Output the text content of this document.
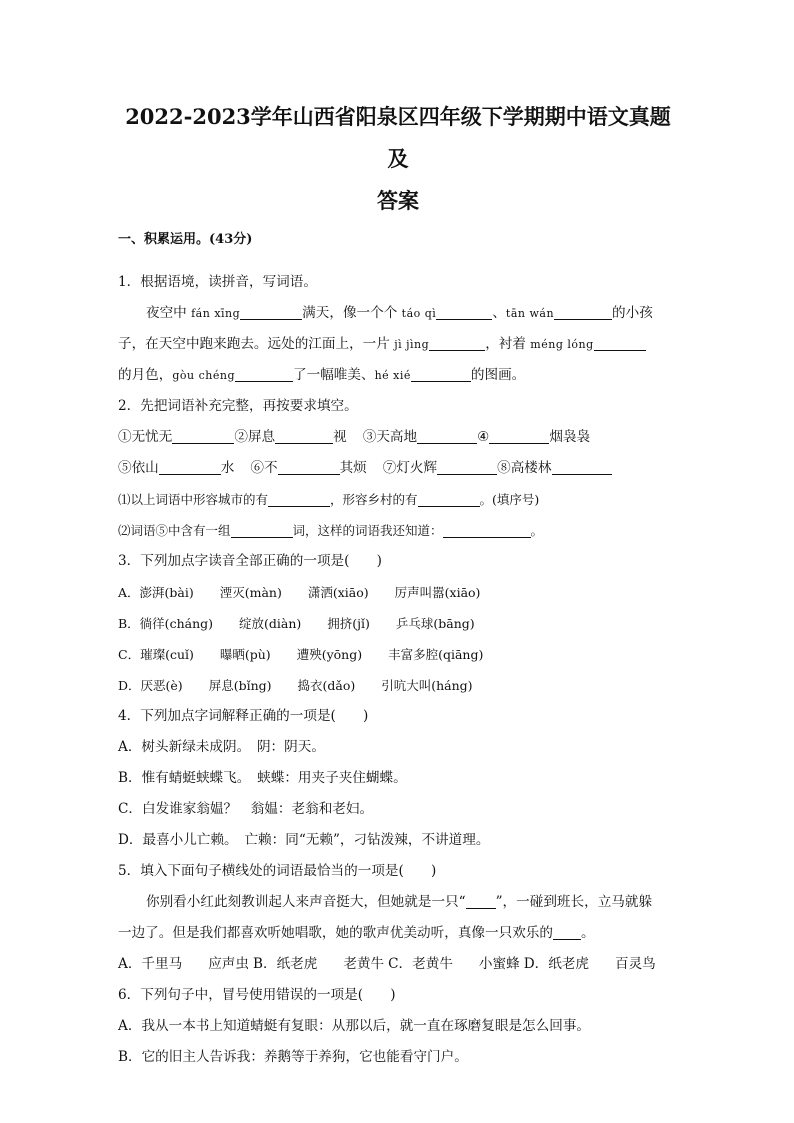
2022-2023学年山西省阳泉区四年级下学期期中语文真题及
答案

一、积累运用。(43分)

1．根据语境，读拼音，写词语。

夜空中 fán xīng	满天，像一个个 táo qì	、tān wán	的小孩

子，在天空中跑来跑去。远处的江面上，一片 jì jìng	，衬着 méng lóng

的月色，gòu chéng	了一幅唯美、hé xié	的图画。

2．先把词语补充完整，再按要求填空。

①无忧无	②屏息	视 ③天高地	④	烟袅袅

⑤依山	水 ⑥不	其烦 ⑦灯火辉	⑧高楼林

⑴以上词语中形容城市的有	，形容乡村的有	。(填序号)

⑵词语⑤中含有一组	词，这样的词语我还知道：	。

3．下列加点字读音全部正确的一项是(　　)

A．澎湃(bài) 湮灭(màn) 潇洒(xiāo) 厉声叫嚣(xiāo)

B．徜徉(cháng) 绽放(diàn) 拥挤(jǐ) 乒乓球(bāng)

C．璀璨(cuǐ) 曝晒(pù) 遭殃(yōng) 丰富多腔(qiāng)

D．厌恶(è) 屏息(bǐng) 捣衣(dǎo) 引吭大叫(háng)

4．下列加点字词解释正确的一项是(　　)

A．树头新绿未成阴。　阴：阴天。

B．惟有蜻蜓蛱蝶飞。　蛱蝶：用夹子夹住蝴蝶。

C．白发谁家翁媪？　翁媪：老翁和老妇。

D．最喜小儿亡赖。　亡赖：同“无赖”，刁钻泼辣，不讲道理。

5．填入下面句子横线处的词语最恰当的一项是(　　)

你别看小红此刻教训起人来声音挺大，但她就是一只“ ”，一碰到班长，立马就躲

一边了。但是我们都喜欢听她唱歌，她的歌声优美动听，真像一只欢乐的 。

A．千里马 应声虫 B．纸老虎 老黄牛 C．老黄牛 小蜜蜂 D．纸老虎 百灵鸟

6．下列句子中，冒号使用错误的一项是(　　)

A．我从一本书上知道蜻蜓有复眼：从那以后，就一直在琢磨复眼是怎么回事。

B．它的旧主人告诉我：养鹅等于养狗，它也能看守门户。
